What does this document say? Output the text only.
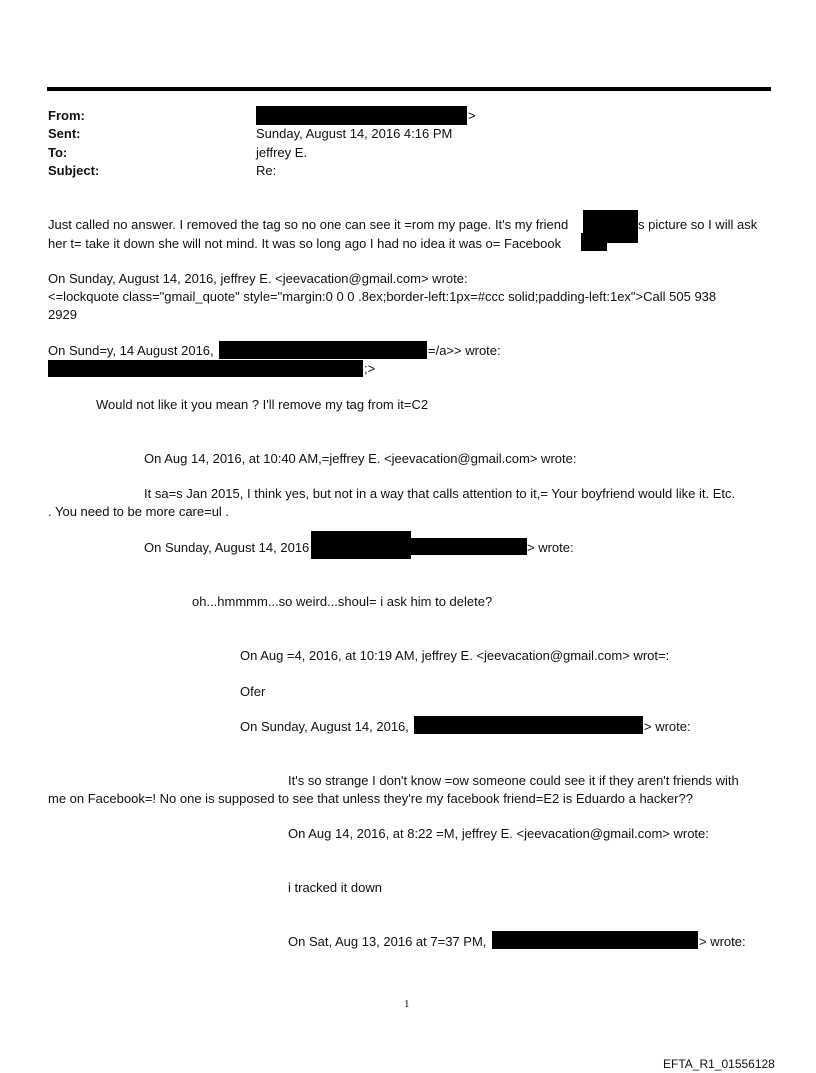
From:	>
Sent:	Sunday, August 14, 2016 4:16 PM
To:	jeffrey E.
Subject:	Re:
Just called no answer. I removed the tag so no one can see it =rom my page. It's my friend	s picture so I will ask
her t= take it down she will not mind. It was so long ago I had no idea it was o= Facebook
On Sunday, August 14, 2016, jeffrey E. <jeevacation@gmail.com> wrote:
<=lockquote class="gmail_quote" style="margin:0 0 0 .8ex;border-left:1px=#ccc solid;padding-left:1ex">Call 505 938
2929
On Sund=y, 14 August 2016,	=/a>> wrote:
;>
Would not like it you mean ? I'll remove my tag from it=C2
On Aug 14, 2016, at 10:40 AM,=jeffrey E. <jeevacation@gmail.com> wrote:
It sa=s Jan 2015, I think yes, but not in a way that calls attention to it,= Your boyfriend would like it. Etc.
. You need to be more care=ul .
On Sunday, August 14, 2016	> wrote:
oh...hmmmm...so weird...shoul= i ask him to delete?
On Aug =4, 2016, at 10:19 AM, jeffrey E. <jeevacation@gmail.com> wrot=:
Ofer
On Sunday, August 14, 2016,	> wrote:
It's so strange I don't know =ow someone could see it if they aren't friends with
me on Facebook=! No one is supposed to see that unless they're my facebook friend=E2 is Eduardo a hacker??
On Aug 14, 2016, at 8:22 =M, jeffrey E. <jeevacation@gmail.com> wrote:
i tracked it down
On Sat, Aug 13, 2016 at 7=37 PM,	> wrote:
1
EFTA_R1_01556128
